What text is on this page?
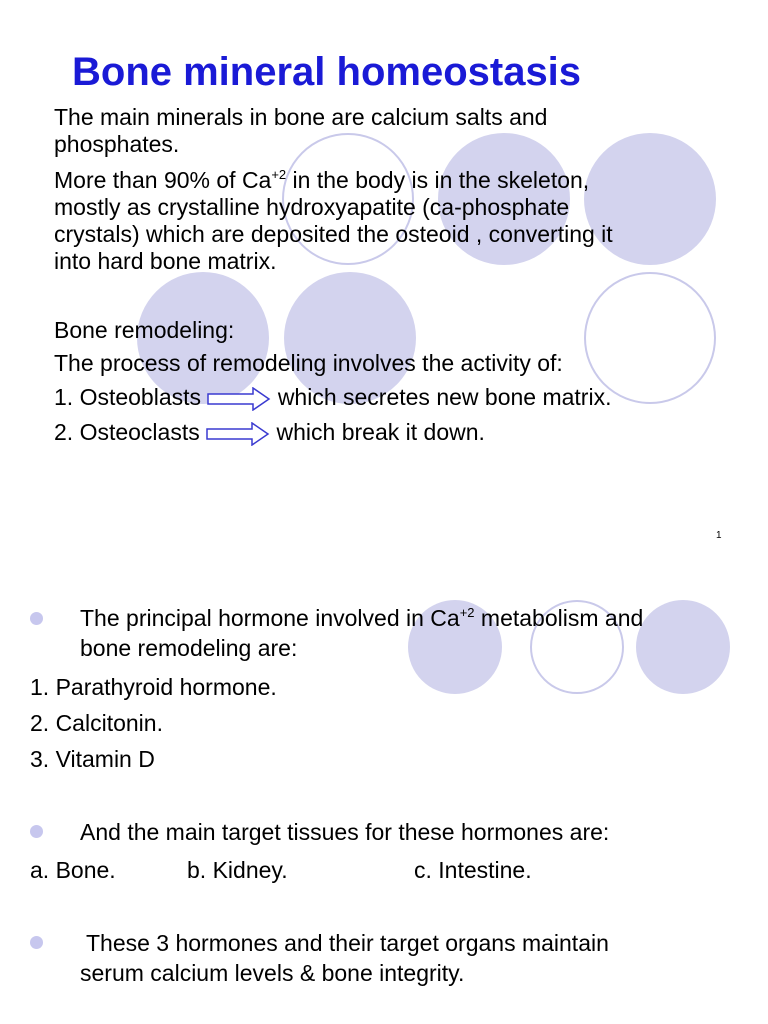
Bone mineral homeostasis
The main minerals in bone are calcium salts and
phosphates.
More than 90% of $Ca^{+2}$ in the body is in the skeleton,
mostly as crystalline hydroxyapatite (ca-phosphate
crystals) which are deposited the osteoid , converting it
into hard bone matrix.
Bone remodeling:
The process of remodeling involves the activity of:
1. Osteoblasts	which secretes new bone matrix.
2. Osteoclasts	which break it down.
1
The principal hormone involved in $Ca^{+2}$ metabolism and
bone remodeling are:
1. Parathyroid hormone.
2. Calcitonin.
3. Vitamin D
And the main target tissues for these hormones are:
a. Bone.	b. Kidney.	c. Intestine.
These 3 hormones and their target organs maintain
serum calcium levels & bone integrity.
